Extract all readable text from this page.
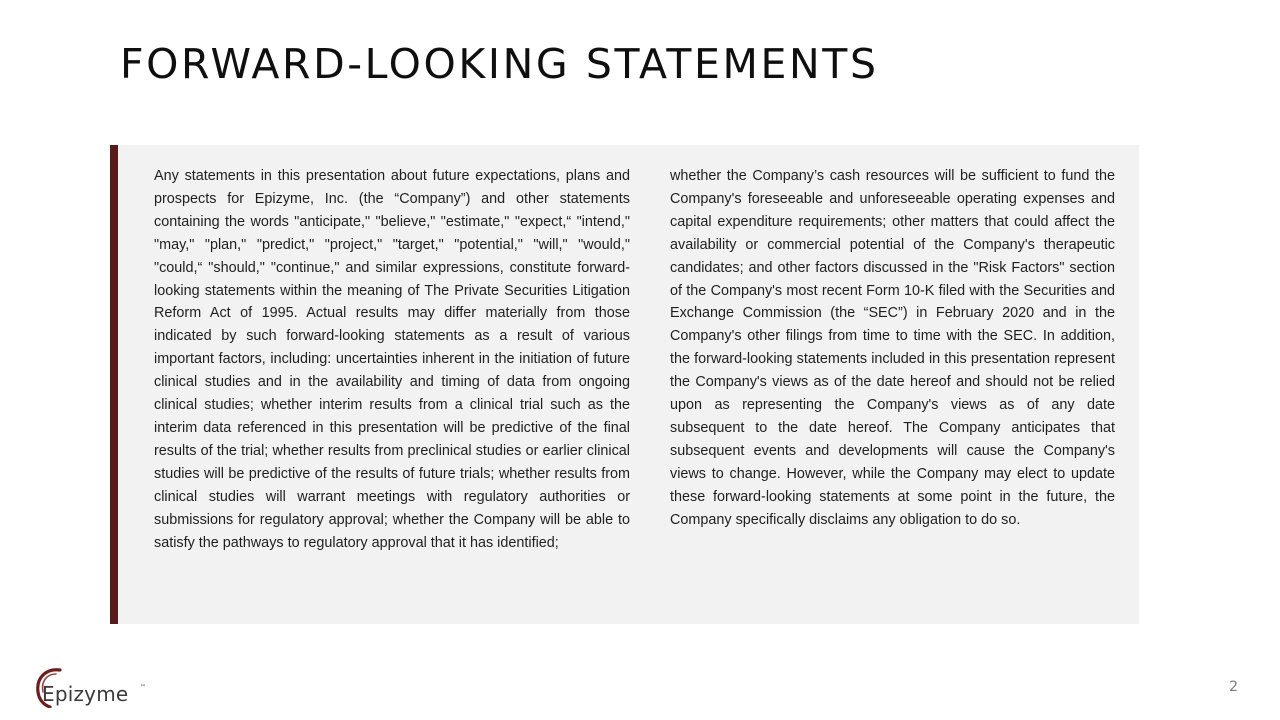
FORWARD-LOOKING STATEMENTS

Any statements in this presentation about future expectations, plans and prospects for Epizyme, Inc. (the “Company”) and other statements containing the words "anticipate," "believe," "estimate," "expect,“ "intend," "may," "plan," "predict," "project," "target," "potential," "will," "would," "could,“ "should," "continue," and similar expressions, constitute forward-looking statements within the meaning of The Private Securities Litigation Reform Act of 1995. Actual results may differ materially from those indicated by such forward-looking statements as a result of various important factors, including: uncertainties inherent in the initiation of future clinical studies and in the availability and timing of data from ongoing clinical studies; whether interim results from a clinical trial such as the interim data referenced in this presentation will be predictive of the final results of the trial; whether results from preclinical studies or earlier clinical studies will be predictive of the results of future trials; whether results from clinical studies will warrant meetings with regulatory authorities or submissions for regulatory approval; whether the Company will be able to satisfy the pathways to regulatory approval that it has identified;

whether the Company’s cash resources will be sufficient to fund the Company's foreseeable and unforeseeable operating expenses and capital expenditure requirements; other matters that could affect the availability or commercial potential of the Company's therapeutic candidates; and other factors discussed in the "Risk Factors" section of the Company's most recent Form 10-K filed with the Securities and Exchange Commission (the “SEC”) in February 2020 and in the Company's other filings from time to time with the SEC. In addition, the forward-looking statements included in this presentation represent the Company's views as of the date hereof and should not be relied upon as representing the Company's views as of any date subsequent to the date hereof. The Company anticipates that subsequent events and developments will cause the Company's views to change. However, while the Company may elect to update these forward-looking statements at some point in the future, the Company specifically disclaims any obligation to do so.

Epizyme ™	2
